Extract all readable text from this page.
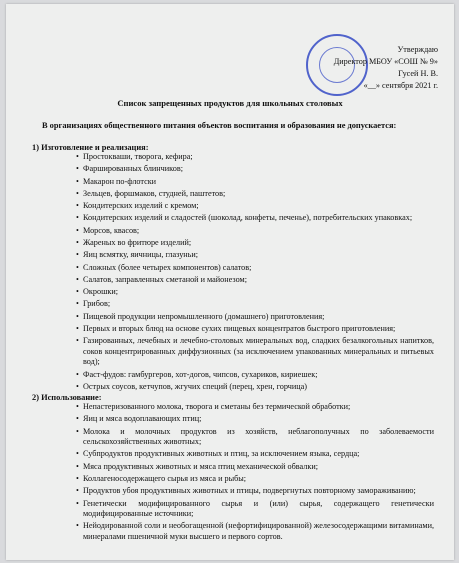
Утверждаю
Директор МБОУ «СОШ № 9»
Гусей Н. В.
«__» сентября 2021 г.
Список запрещенных продуктов для школьных столовых
В организациях общественного питания объектов воспитания и образования не допускается:
1) Изготовление и реализация:
• Простокваши, творога, кефира;
• Фаршированных блинчиков;
• Макарон по-флотски
• Зельцев, форшмаков, студней, паштетов;
• Кондитерских изделий с кремом;
• Кондитерских изделий и сладостей (шоколад, конфеты, печенье), потребительских упаковках;
• Морсов, квасов;
• Жареных во фритюре изделий;
• Яиц всмятку, яичницы, глазуньи;
• Сложных (более четырех компонентов) салатов;
• Салатов, заправленных сметаной и майонезом;
• Окрошки;
• Грибов;
• Пищевой продукции непромышленного (домашнего) приготовления;
• Первых и вторых блюд на основе сухих пищевых концентратов быстрого приготовления;
• Газированных, лечебных и лечебно-столовых минеральных вод, сладких безалкогольных напитков, соков концентрированных диффузионных (за исключением упакованных минеральных и питьевых вод);
• Фаст-фудов: гамбургеров, хот-догов, чипсов, сухариков, кириешек;
• Острых соусов, кетчупов, жгучих специй (перец, хрен, горчица)
2) Использование:
• Непастеризованного молока, творога и сметаны без термической обработки;
• Яиц и мяса водоплавающих птиц;
• Молока и молочных продуктов из хозяйств, неблагополучных по заболеваемости сельскохозяйственных животных;
• Субпродуктов продуктивных животных и птиц, за исключением языка, сердца;
• Мяса продуктивных животных и мяса птиц механической обвалки;
• Коллагеносодержащего сырья из мяса и рыбы;
• Продуктов убоя продуктивных животных и птицы, подвергнутых повторному замораживанию;
• Генетически модифицированного сырья и (или) сырья, содержащего генетически модифицированные источники;
• Нейодированной соли и необогащенной (нефортифицированной) железосодержащими витаминами, минералами пшеничной муки высшего и первого сортов.
